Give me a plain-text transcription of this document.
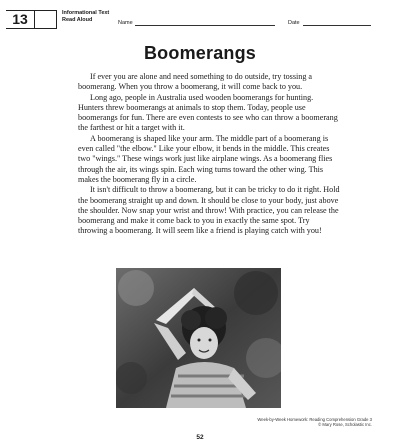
13	Informational Text
Read Aloud
Name	Date
Boomerangs

If ever you are alone and need something to do outside, try tossing a boomerang. When you throw a boomerang, it will come back to you.

Long ago, people in Australia used wooden boomerangs for hunting. Hunters threw boomerangs at animals to stop them. Today, people use boomerangs for fun. There are even contests to see who can throw a boomerang the farthest or hit a target with it.

A boomerang is shaped like your arm. The middle part of a boomerang is even called "the elbow." Like your elbow, it bends in the middle. This creates two "wings." These wings work just like airplane wings. As a boomerang flies through the air, its wings spin. Each wing turns toward the other wing. This makes the boomerang fly in a circle.

It isn't difficult to throw a boomerang, but it can be tricky to do it right. Hold the boomerang straight up and down. It should be close to your body, just above the shoulder. Now snap your wrist and throw! With practice, you can release the boomerang and make it come back to you in exactly the same spot. Try throwing a boomerang. It will seem like a friend is playing catch with you!

Week-by-Week Homework: Reading Comprehension Grade 3
© Mary Rose, Scholastic Inc.
52
